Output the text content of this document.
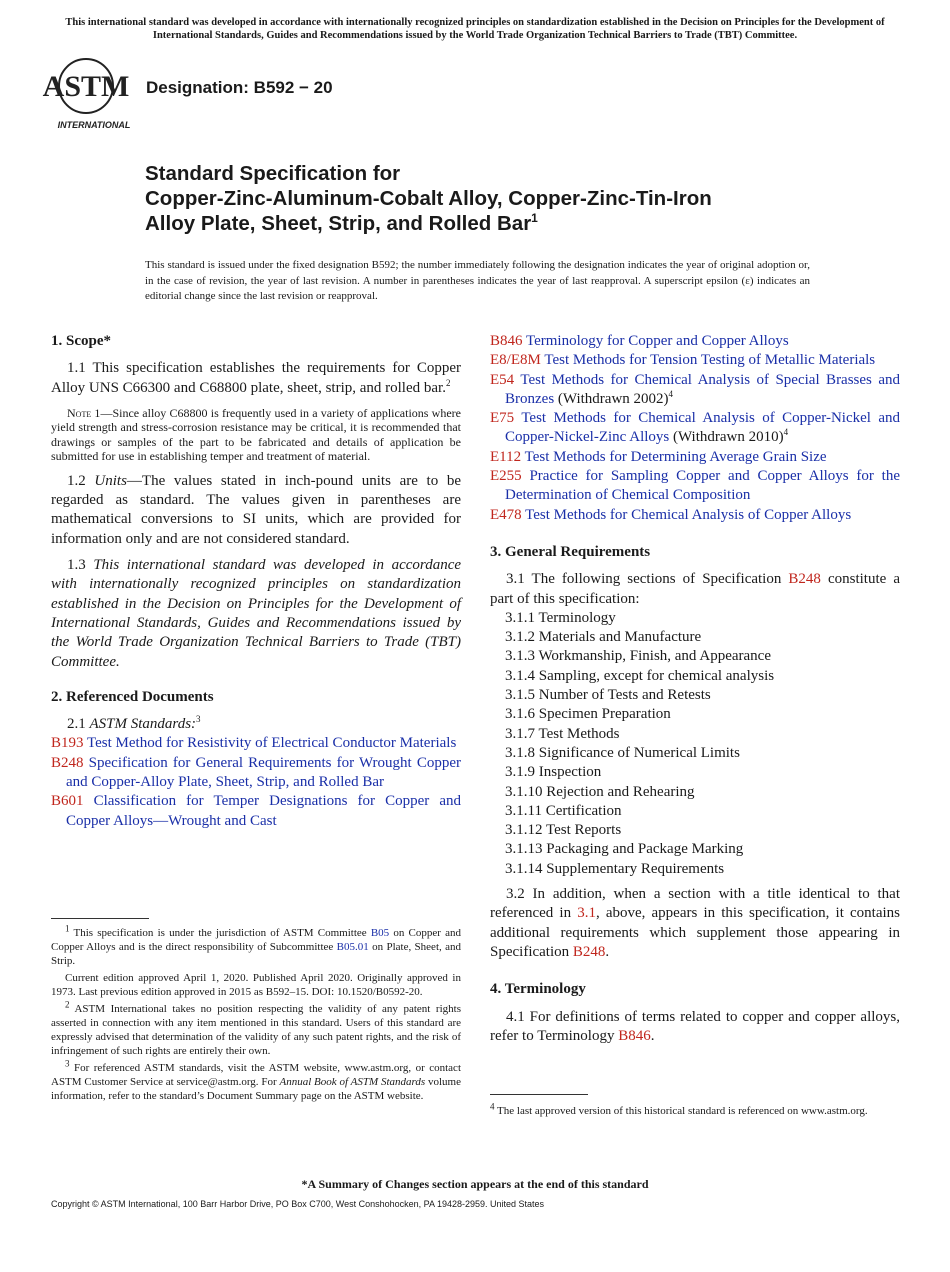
This international standard was developed in accordance with internationally recognized principles on standardization established in the Decision on Principles for the Development of International Standards, Guides and Recommendations issued by the World Trade Organization Technical Barriers to Trade (TBT) Committee.
ASTM
INTERNATIONAL
Designation: B592 − 20
Standard Specification for
Copper-Zinc-Aluminum-Cobalt Alloy, Copper-Zinc-Tin-Iron
Alloy Plate, Sheet, Strip, and Rolled Bar$^1$
This standard is issued under the fixed designation B592; the number immediately following the designation indicates the year of original adoption or, in the case of revision, the year of last revision. A number in parentheses indicates the year of last reapproval. A superscript epsilon (ε) indicates an editorial change since the last revision or reapproval.
1. Scope*

1.1 This specification establishes the requirements for Copper Alloy UNS C66300 and C68800 plate, sheet, strip, and rolled bar.$^2$

Note 1—Since alloy C68800 is frequently used in a variety of applications where yield strength and stress-corrosion resistance may be critical, it is recommended that drawings or samples of the part to be fabricated and details of application be submitted for use in establishing temper and treatment of material.

1.2 Units—The values stated in inch-pound units are to be regarded as standard. The values given in parentheses are mathematical conversions to SI units, which are provided for information only and are not considered standard.

1.3 This international standard was developed in accordance with internationally recognized principles on standardization established in the Decision on Principles for the Development of International Standards, Guides and Recommendations issued by the World Trade Organization Technical Barriers to Trade (TBT) Committee.

2. Referenced Documents

2.1 ASTM Standards:$^3$

B193 Test Method for Resistivity of Electrical Conductor Materials

B248 Specification for General Requirements for Wrought Copper and Copper-Alloy Plate, Sheet, Strip, and Rolled Bar

B601 Classification for Temper Designations for Copper and Copper Alloys—Wrought and Cast

B846 Terminology for Copper and Copper Alloys

E8/E8M Test Methods for Tension Testing of Metallic Materials

E54 Test Methods for Chemical Analysis of Special Brasses and Bronzes (Withdrawn 2002)$^4$

E75 Test Methods for Chemical Analysis of Copper-Nickel and Copper-Nickel-Zinc Alloys (Withdrawn 2010)$^4$

E112 Test Methods for Determining Average Grain Size

E255 Practice for Sampling Copper and Copper Alloys for the Determination of Chemical Composition

E478 Test Methods for Chemical Analysis of Copper Alloys

3. General Requirements

3.1 The following sections of Specification B248 constitute a part of this specification:

3.1.1 Terminology
3.1.2 Materials and Manufacture
3.1.3 Workmanship, Finish, and Appearance
3.1.4 Sampling, except for chemical analysis
3.1.5 Number of Tests and Retests
3.1.6 Specimen Preparation
3.1.7 Test Methods
3.1.8 Significance of Numerical Limits
3.1.9 Inspection
3.1.10 Rejection and Rehearing
3.1.11 Certification
3.1.12 Test Reports
3.1.13 Packaging and Package Marking
3.1.14 Supplementary Requirements

3.2 In addition, when a section with a title identical to that referenced in 3.1, above, appears in this specification, it contains additional requirements which supplement those appearing in Specification B248.

4. Terminology

4.1 For definitions of terms related to copper and copper alloys, refer to Terminology B846.

$^1$ This specification is under the jurisdiction of ASTM Committee B05 on Copper and Copper Alloys and is the direct responsibility of Subcommittee B05.01 on Plate, Sheet, and Strip.

Current edition approved April 1, 2020. Published April 2020. Originally approved in 1973. Last previous edition approved in 2015 as B592–15. DOI: 10.1520/B0592-20.

$^2$ ASTM International takes no position respecting the validity of any patent rights asserted in connection with any item mentioned in this standard. Users of this standard are expressly advised that determination of the validity of any such patent rights, and the risk of infringement of such rights are entirely their own.

$^3$ For referenced ASTM standards, visit the ASTM website, www.astm.org, or contact ASTM Customer Service at service@astm.org. For Annual Book of ASTM Standards volume information, refer to the standard’s Document Summary page on the ASTM website.

$^4$ The last approved version of this historical standard is referenced on www.astm.org.
*A Summary of Changes section appears at the end of this standard
Copyright © ASTM International, 100 Barr Harbor Drive, PO Box C700, West Conshohocken, PA 19428-2959. United States
